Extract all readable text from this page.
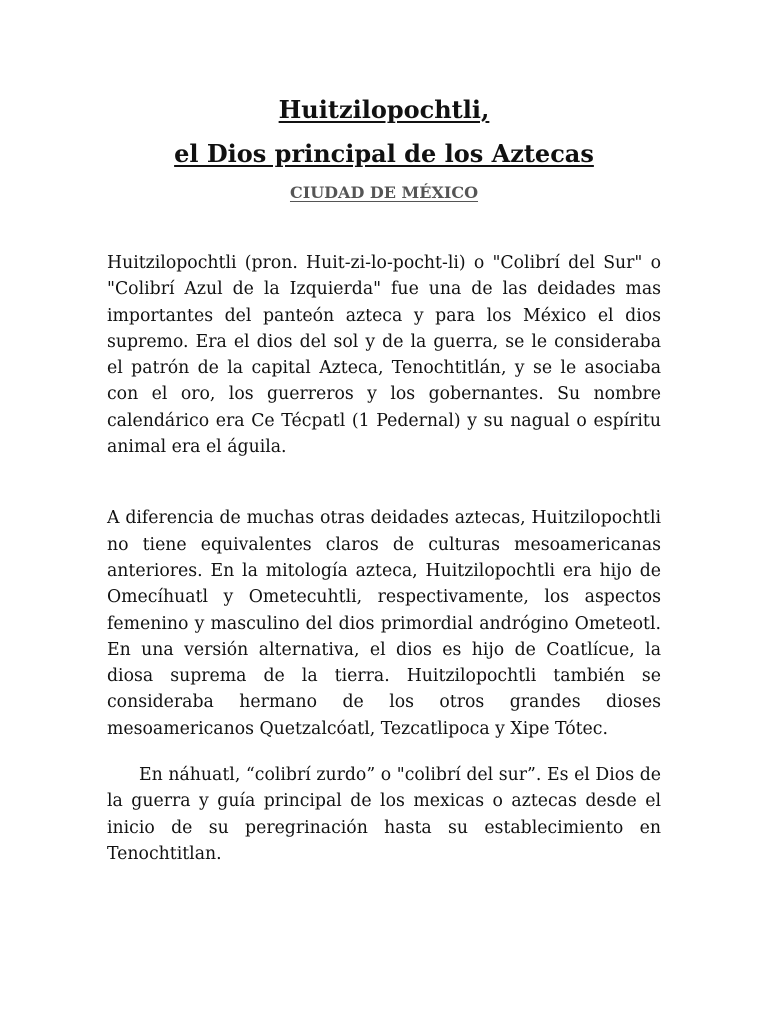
Huitzilopochtli,
el Dios principal de los Aztecas
CIUDAD DE MÉXICO

Huitzilopochtli (pron. Huit-zi-lo-pocht-li) o "Colibrí del Sur" o "Colibrí Azul de la Izquierda" fue una de las deidades mas importantes del panteón azteca y para los México el dios supremo. Era el dios del sol y de la guerra, se le consideraba el patrón de la capital Azteca, Tenochtitlán, y se le asociaba con el oro, los guerreros y los gobernantes. Su nombre calendárico era Ce Técpatl (1 Pedernal) y su nagual o espíritu animal era el águila.

A diferencia de muchas otras deidades aztecas, Huitzilopochtli no tiene equivalentes claros de culturas mesoamericanas anteriores. En la mitología azteca, Huitzilopochtli era hijo de Omecíhuatl y Ometecuhtli, respectivamente, los aspectos femenino y masculino del dios primordial andrógino Ometeotl. En una versión alternativa, el dios es hijo de Coatlícue, la diosa suprema de la tierra. Huitzilopochtli también se consideraba hermano de los otros grandes dioses mesoamericanos Quetzalcóatl, Tezcatlipoca y Xipe Tótec.

En náhuatl, “colibrí zurdo” o "colibrí del sur”. Es el Dios de la guerra y guía principal de los mexicas o aztecas desde el inicio de su peregrinación hasta su establecimiento en Tenochtitlan.
